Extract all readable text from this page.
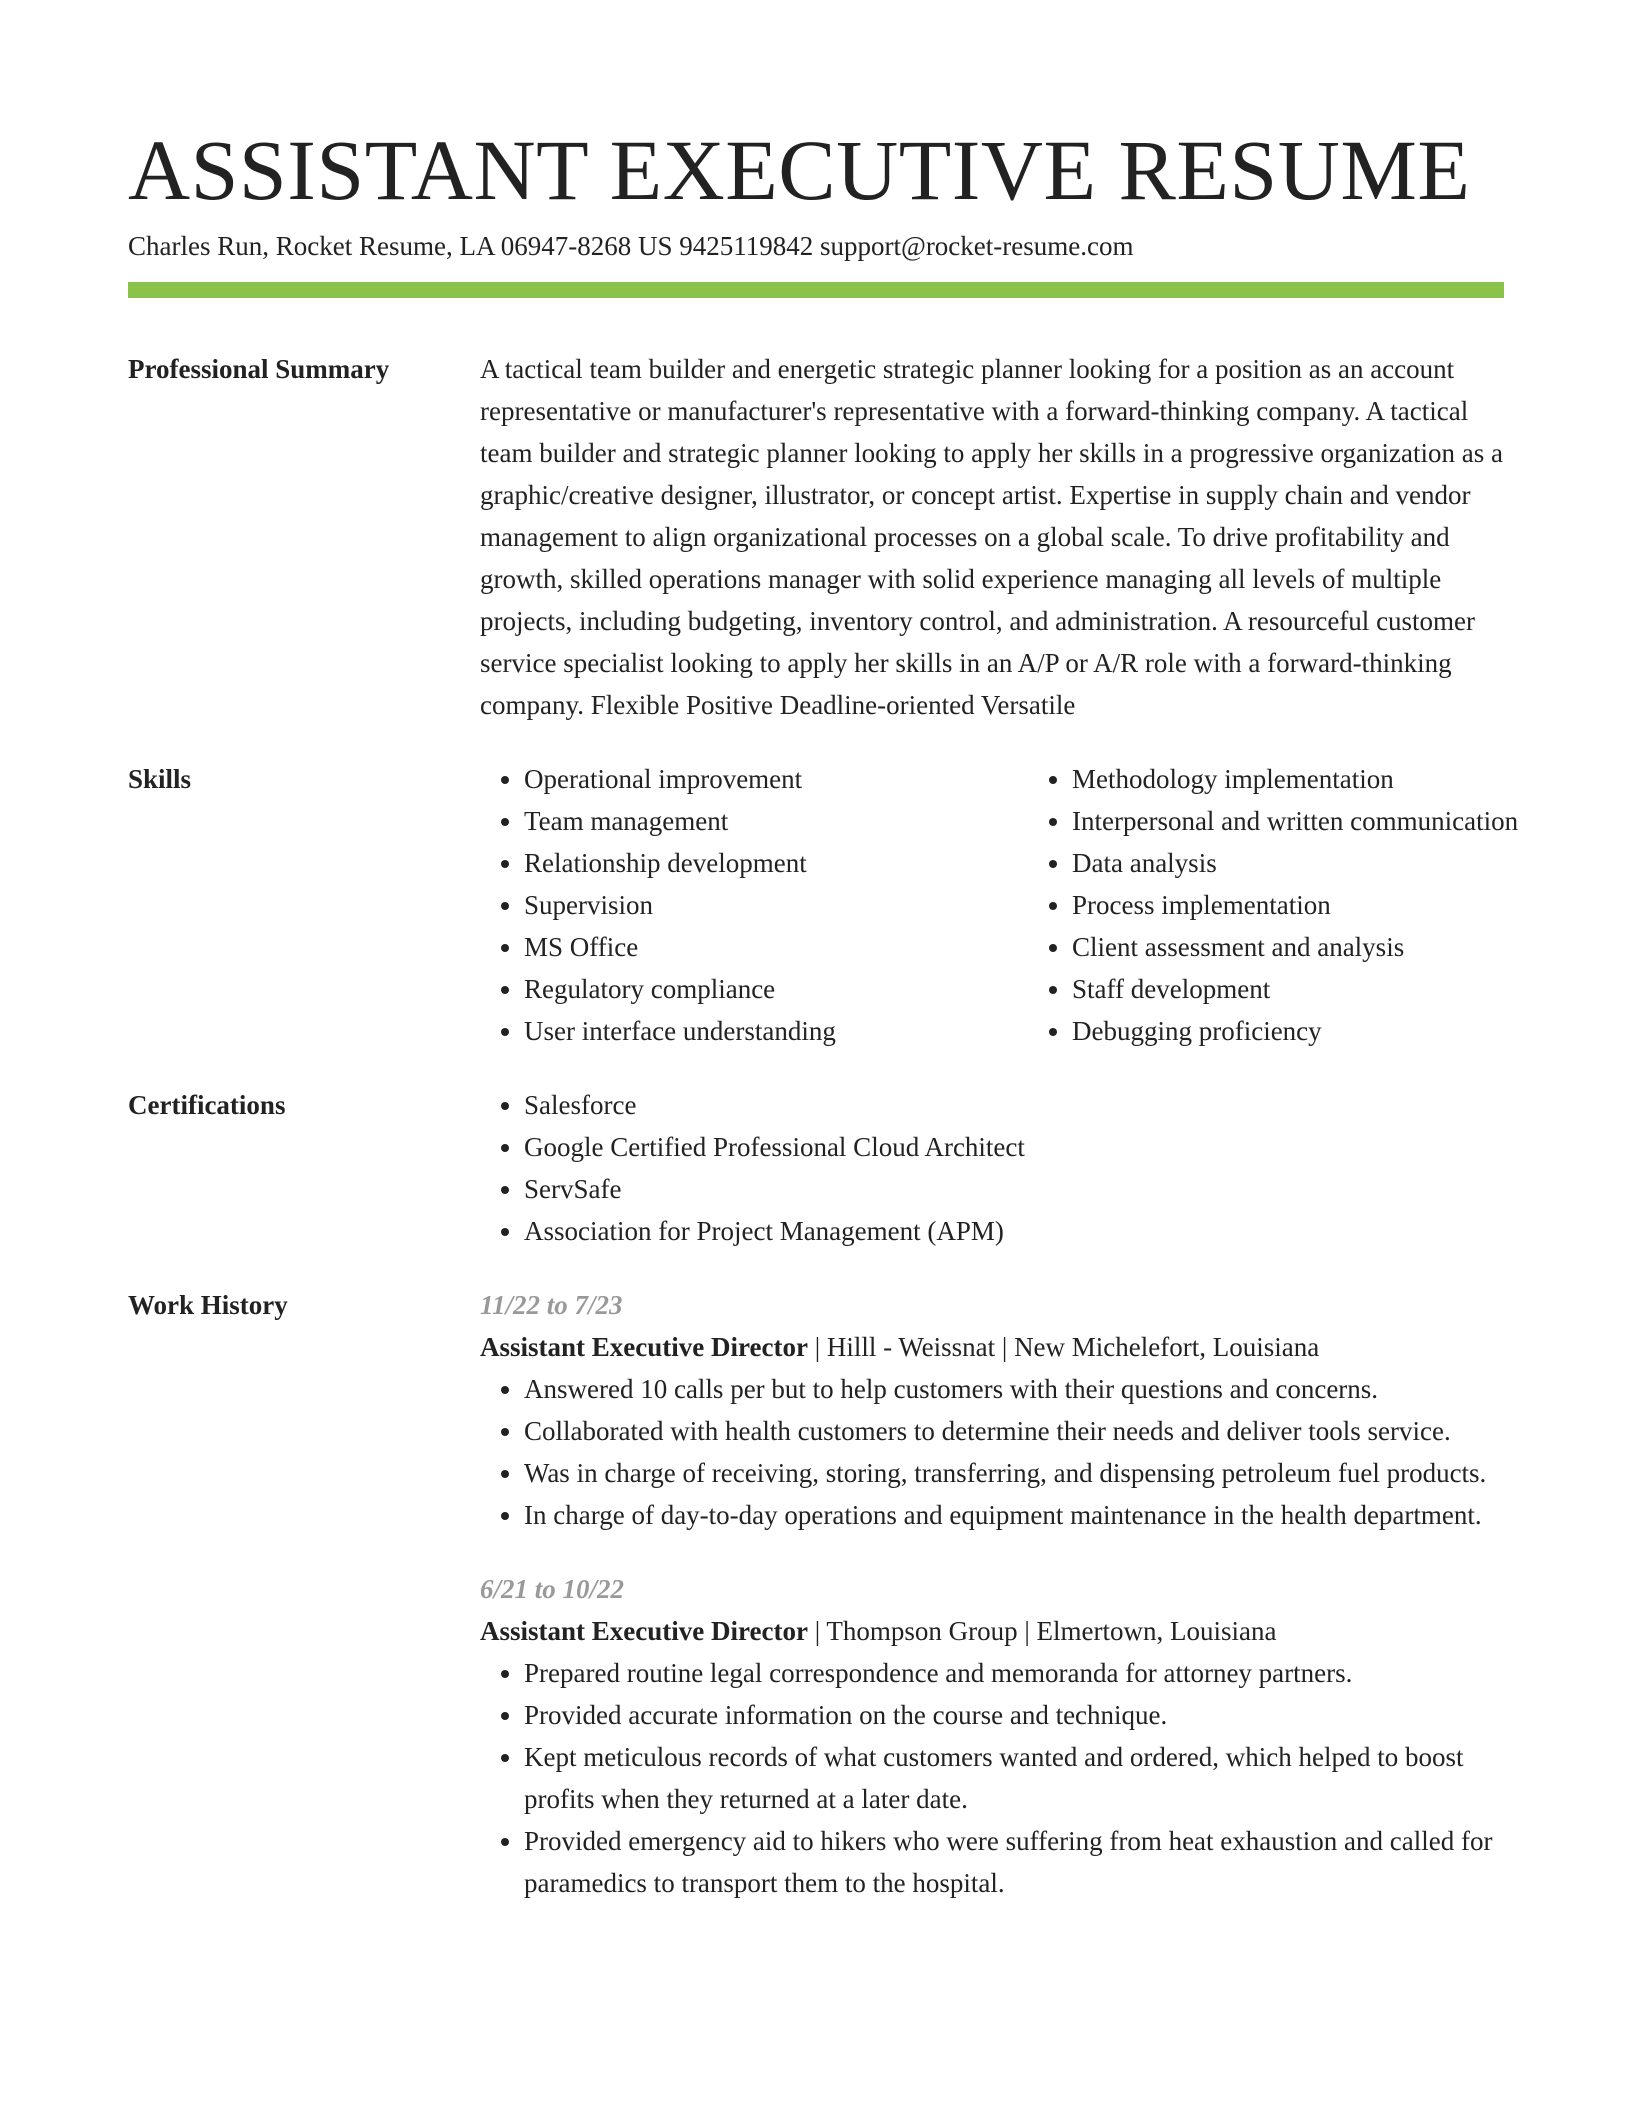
ASSISTANT EXECUTIVE RESUME
Charles Run, Rocket Resume, LA 06947-8268 US 9425119842 support@rocket-resume.com
Professional Summary	A tactical team builder and energetic strategic planner looking for a position as an account representative or manufacturer's representative with a forward-thinking company. A tactical team builder and strategic planner looking to apply her skills in a progressive organization as a graphic/creative designer, illustrator, or concept artist. Expertise in supply chain and vendor management to align organizational processes on a global scale. To drive profitability and growth, skilled operations manager with solid experience managing all levels of multiple projects, including budgeting, inventory control, and administration. A resourceful customer service specialist looking to apply her skills in an A/P or A/R role with a forward-thinking company. Flexible Positive Deadline-oriented Versatile
Skills	• Operational improvement
• Team management
• Relationship development
• Supervision
• MS Office
• Regulatory compliance
• User interface understanding
• Methodology implementation
• Interpersonal and written communication
• Data analysis
• Process implementation
• Client assessment and analysis
• Staff development
• Debugging proficiency
Certifications	• Salesforce
• Google Certified Professional Cloud Architect
• ServSafe
• Association for Project Management (APM)
Work History	11/22 to 7/23
Assistant Executive Director | Hilll - Weissnat | New Michelefort, Louisiana
• Answered 10 calls per but to help customers with their questions and concerns.
• Collaborated with health customers to determine their needs and deliver tools service.
• Was in charge of receiving, storing, transferring, and dispensing petroleum fuel products.
• In charge of day-to-day operations and equipment maintenance in the health department.
6/21 to 10/22
Assistant Executive Director | Thompson Group | Elmertown, Louisiana
• Prepared routine legal correspondence and memoranda for attorney partners.
• Provided accurate information on the course and technique.
• Kept meticulous records of what customers wanted and ordered, which helped to boost profits when they returned at a later date.
• Provided emergency aid to hikers who were suffering from heat exhaustion and called for paramedics to transport them to the hospital.
